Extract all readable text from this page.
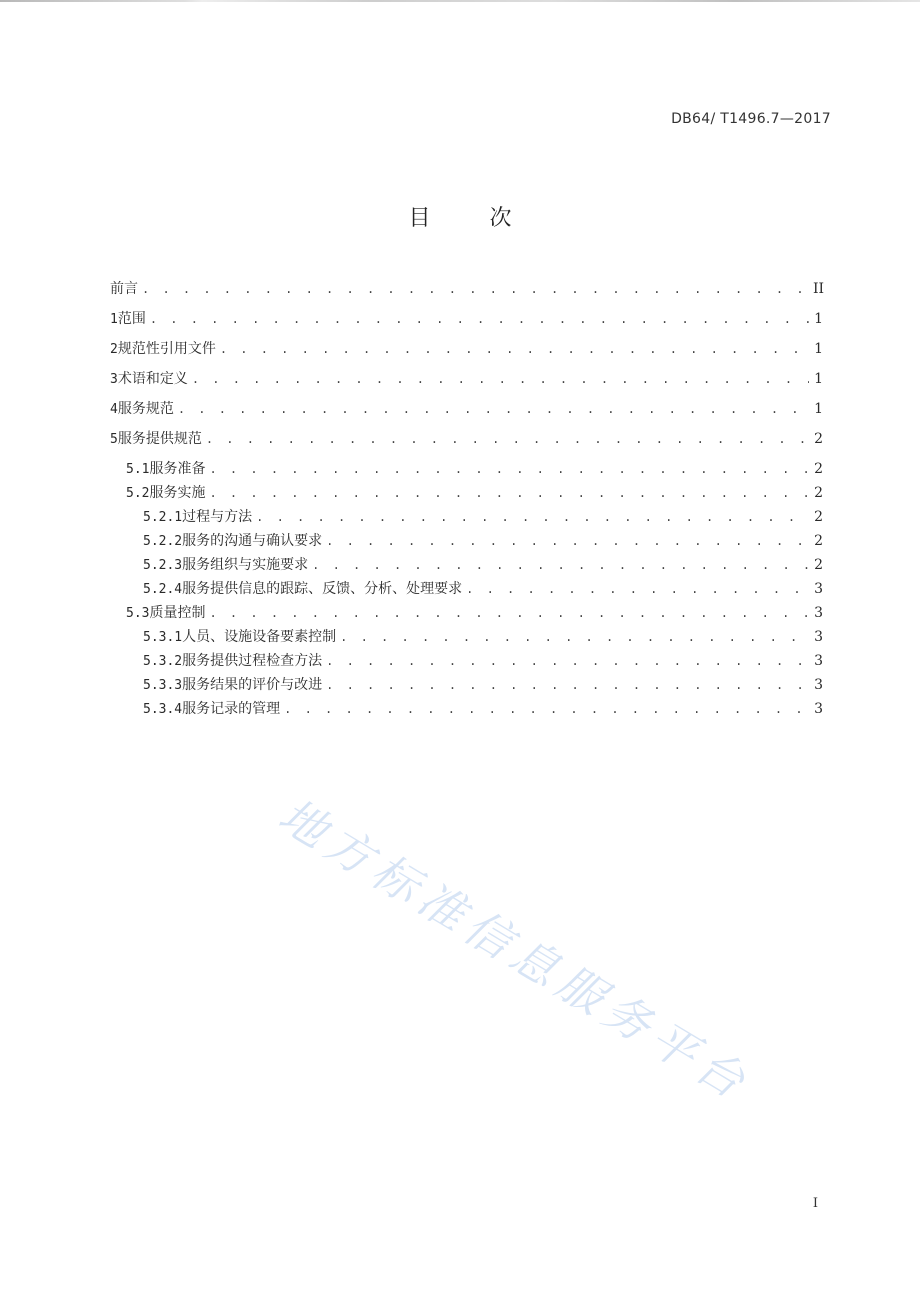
DB64/ T1496.7—2017
目 次
前言 . . .	II
1 范围 . . .	1
2 规范性引用文件 . . .	1
3 术语和定义 . . .	1
4 服务规范 . . .	1
5 服务提供规范 . . .	2
5.1 服务准备 . . .	2
5.2 服务实施 . . .	2
5.2.1 过程与方法 . . .	2
5.2.2 服务的沟通与确认要求 . . .	2
5.2.3 服务组织与实施要求 . . .	2
5.2.4 服务提供信息的跟踪、反馈、分析、处理要求 . . .	3
5.3 质量控制 . . .	3
5.3.1 人员、设施设备要素控制 . . .	3
5.3.2 服务提供过程检查方法 . . .	3
5.3.3 服务结果的评价与改进 . . .	3
5.3.4 服务记录的管理 . . .	3
地方标准信息服务平台
I
